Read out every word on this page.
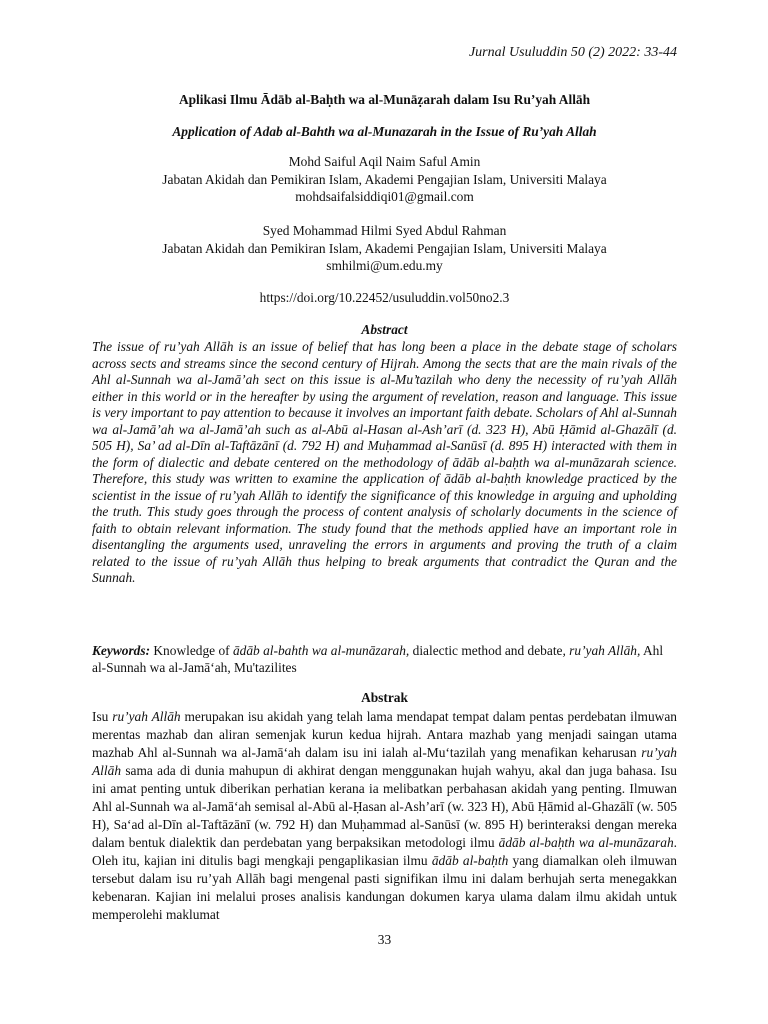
Jurnal Usuluddin 50 (2) 2022: 33-44
Aplikasi Ilmu Ādāb al-Baḥth wa al-Munāẓarah dalam Isu Ru’yah Allāh
Application of Adab al-Bahth wa al-Munazarah in the Issue of Ru’yah Allah
Mohd Saiful Aqil Naim Saful Amin
Jabatan Akidah dan Pemikiran Islam, Akademi Pengajian Islam, Universiti Malaya
mohdsaifalsiddiqi01@gmail.com
Syed Mohammad Hilmi Syed Abdul Rahman
Jabatan Akidah dan Pemikiran Islam, Akademi Pengajian Islam, Universiti Malaya
smhilmi@um.edu.my
https://doi.org/10.22452/usuluddin.vol50no2.3
Abstract
The issue of ru’yah Allāh is an issue of belief that has long been a place in the debate stage of scholars across sects and streams since the second century of Hijrah. Among the sects that are the main rivals of the Ahl al-Sunnah wa al-Jamā’ah sect on this issue is al-Mu’tazilah who deny the necessity of ru’yah Allāh either in this world or in the hereafter by using the argument of revelation, reason and language. This issue is very important to pay attention to because it involves an important faith debate. Scholars of Ahl al-Sunnah wa al-Jamā’ah wa al-Jamā’ah such as al-Abū al-Hasan al-Ash’arī (d. 323 H), Abū Ḥāmid al-Ghazālī (d. 505 H), Sa’ ad al-Dīn al-Taftāzānī (d. 792 H) and Muḥammad al-Sanūsī (d. 895 H) interacted with them in the form of dialectic and debate centered on the methodology of ādāb al-baḥth wa al-munāzarah science. Therefore, this study was written to examine the application of ādāb al-baḥth knowledge practiced by the scientist in the issue of ru’yah Allāh to identify the significance of this knowledge in arguing and upholding the truth. This study goes through the process of content analysis of scholarly documents in the science of faith to obtain relevant information. The study found that the methods applied have an important role in disentangling the arguments used, unraveling the errors in arguments and proving the truth of a claim related to the issue of ru’yah Allāh thus helping to break arguments that contradict the Quran and the Sunnah.
Keywords: Knowledge of ādāb al-bahth wa al-munāzarah, dialectic method and debate, ru’yah Allāh, Ahl al-Sunnah wa al-Jamā‘ah, Mu'tazilites
Abstrak
Isu ru’yah Allāh merupakan isu akidah yang telah lama mendapat tempat dalam pentas perdebatan ilmuwan merentas mazhab dan aliran semenjak kurun kedua hijrah. Antara mazhab yang menjadi saingan utama mazhab Ahl al-Sunnah wa al-Jamā‘ah dalam isu ini ialah al-Mu‘tazilah yang menafikan keharusan ru’yah Allāh sama ada di dunia mahupun di akhirat dengan menggunakan hujah wahyu, akal dan juga bahasa. Isu ini amat penting untuk diberikan perhatian kerana ia melibatkan perbahasan akidah yang penting. Ilmuwan Ahl al-Sunnah wa al-Jamā‘ah semisal al-Abū al-Ḥasan al-Ash’arī (w. 323 H), Abū Ḥāmid al-Ghazālī (w. 505 H), Sa‘ad al-Dīn al-Taftāzānī (w. 792 H) dan Muḥammad al-Sanūsī (w. 895 H) berinteraksi dengan mereka dalam bentuk dialektik dan perdebatan yang berpaksikan metodologi ilmu ādāb al-baḥth wa al-munāzarah. Oleh itu, kajian ini ditulis bagi mengkaji pengaplikasian ilmu ādāb al-baḥth yang diamalkan oleh ilmuwan tersebut dalam isu ru’yah Allāh bagi mengenal pasti signifikan ilmu ini dalam berhujah serta menegakkan kebenaran. Kajian ini melalui proses analisis kandungan dokumen karya ulama dalam ilmu akidah untuk memperolehi maklumat
33
